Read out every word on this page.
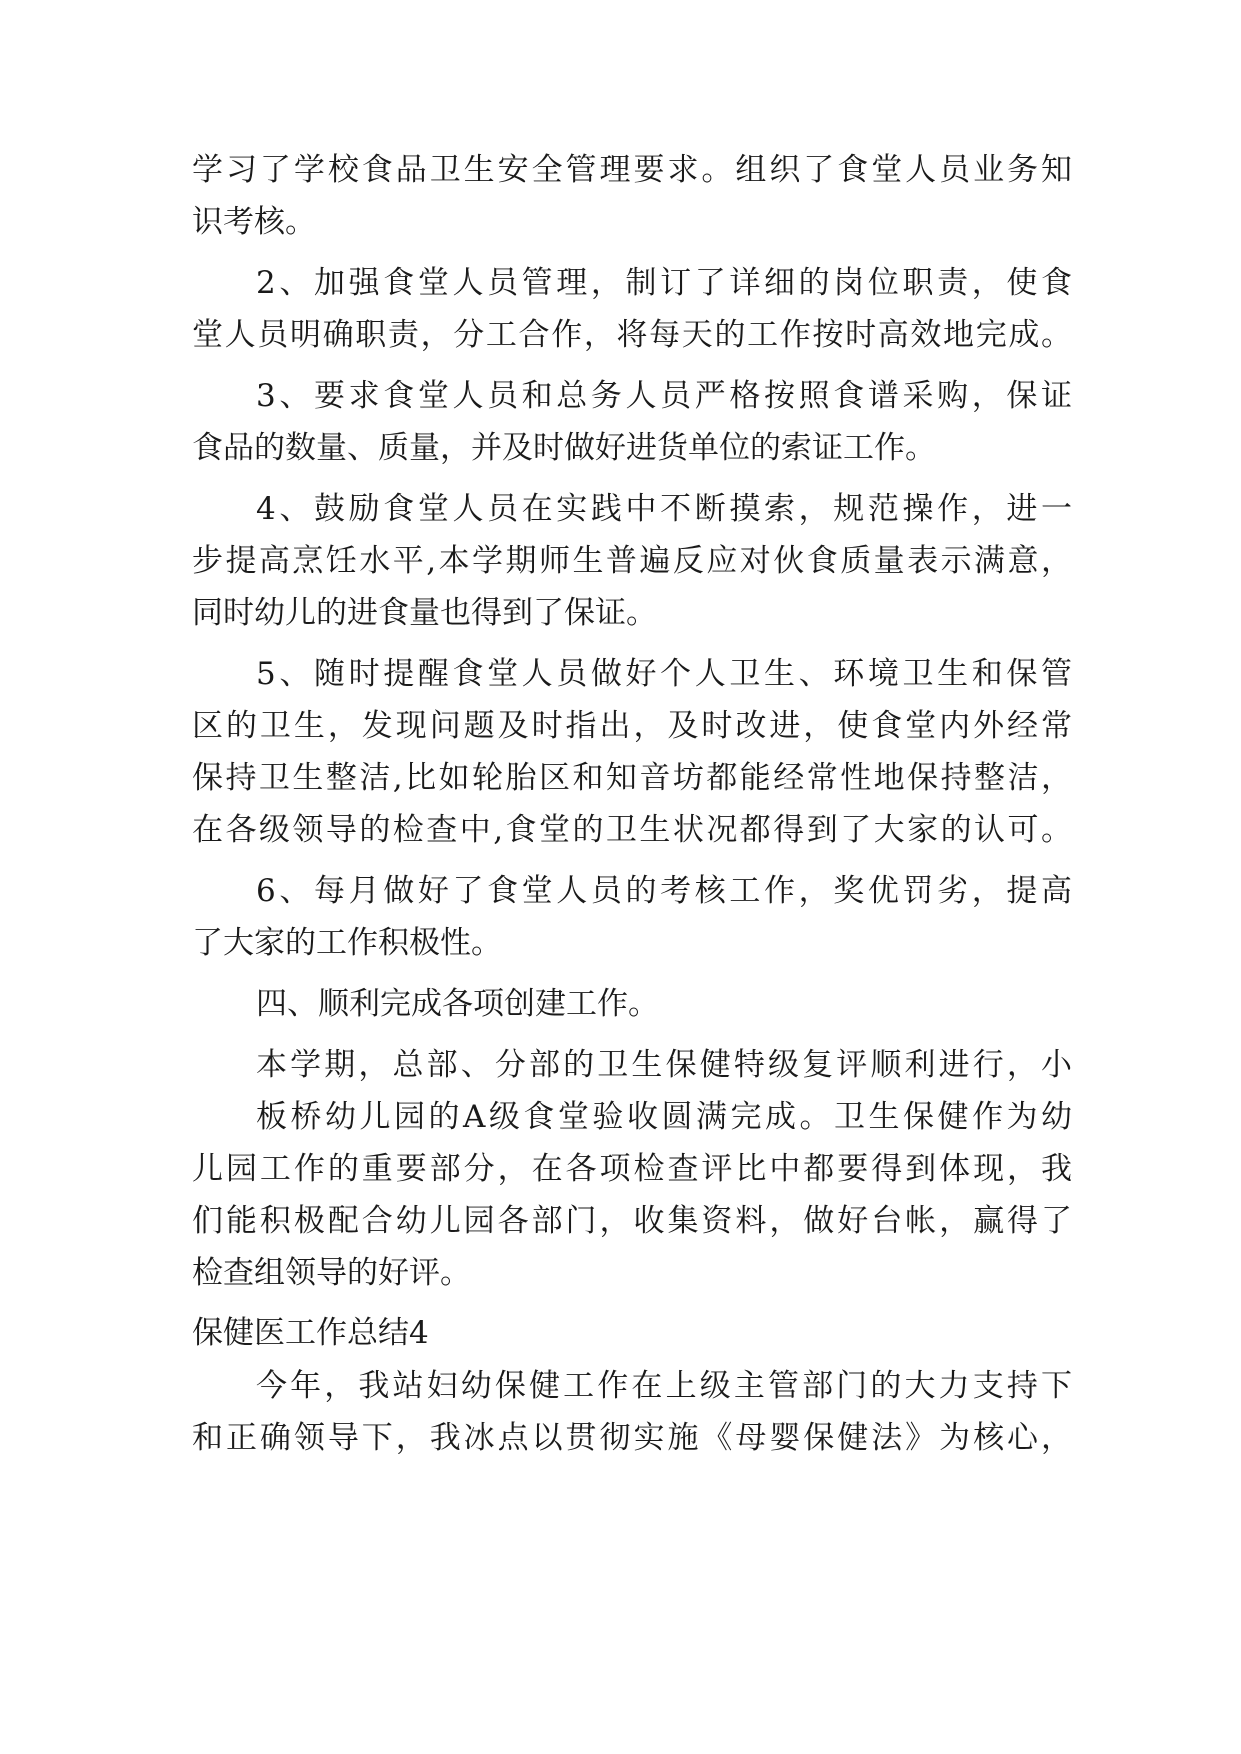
学习了学校食品卫生安全管理要求。组织了食堂人员业务知
识考核。
2、加强食堂人员管理，制订了详细的岗位职责，使食
堂人员明确职责，分工合作，将每天的工作按时高效地完成。
3、要求食堂人员和总务人员严格按照食谱采购，保证
食品的数量、质量，并及时做好进货单位的索证工作。
4、鼓励食堂人员在实践中不断摸索，规范操作，进一
步提高烹饪水平,本学期师生普遍反应对伙食质量表示满意，
同时幼儿的进食量也得到了保证。
5、随时提醒食堂人员做好个人卫生、环境卫生和保管
区的卫生，发现问题及时指出，及时改进，使食堂内外经常
保持卫生整洁,比如轮胎区和知音坊都能经常性地保持整洁，
在各级领导的检查中,食堂的卫生状况都得到了大家的认可。
6、每月做好了食堂人员的考核工作，奖优罚劣，提高
了大家的工作积极性。
四、顺利完成各项创建工作。
本学期，总部、分部的卫生保健特级复评顺利进行，小
板桥幼儿园的A级食堂验收圆满完成。卫生保健作为幼
儿园工作的重要部分，在各项检查评比中都要得到体现，我
们能积极配合幼儿园各部门，收集资料，做好台帐，赢得了
检查组领导的好评。
保健医工作总结4
今年，我站妇幼保健工作在上级主管部门的大力支持下
和正确领导下，我冰点以贯彻实施《母婴保健法》为核心，
